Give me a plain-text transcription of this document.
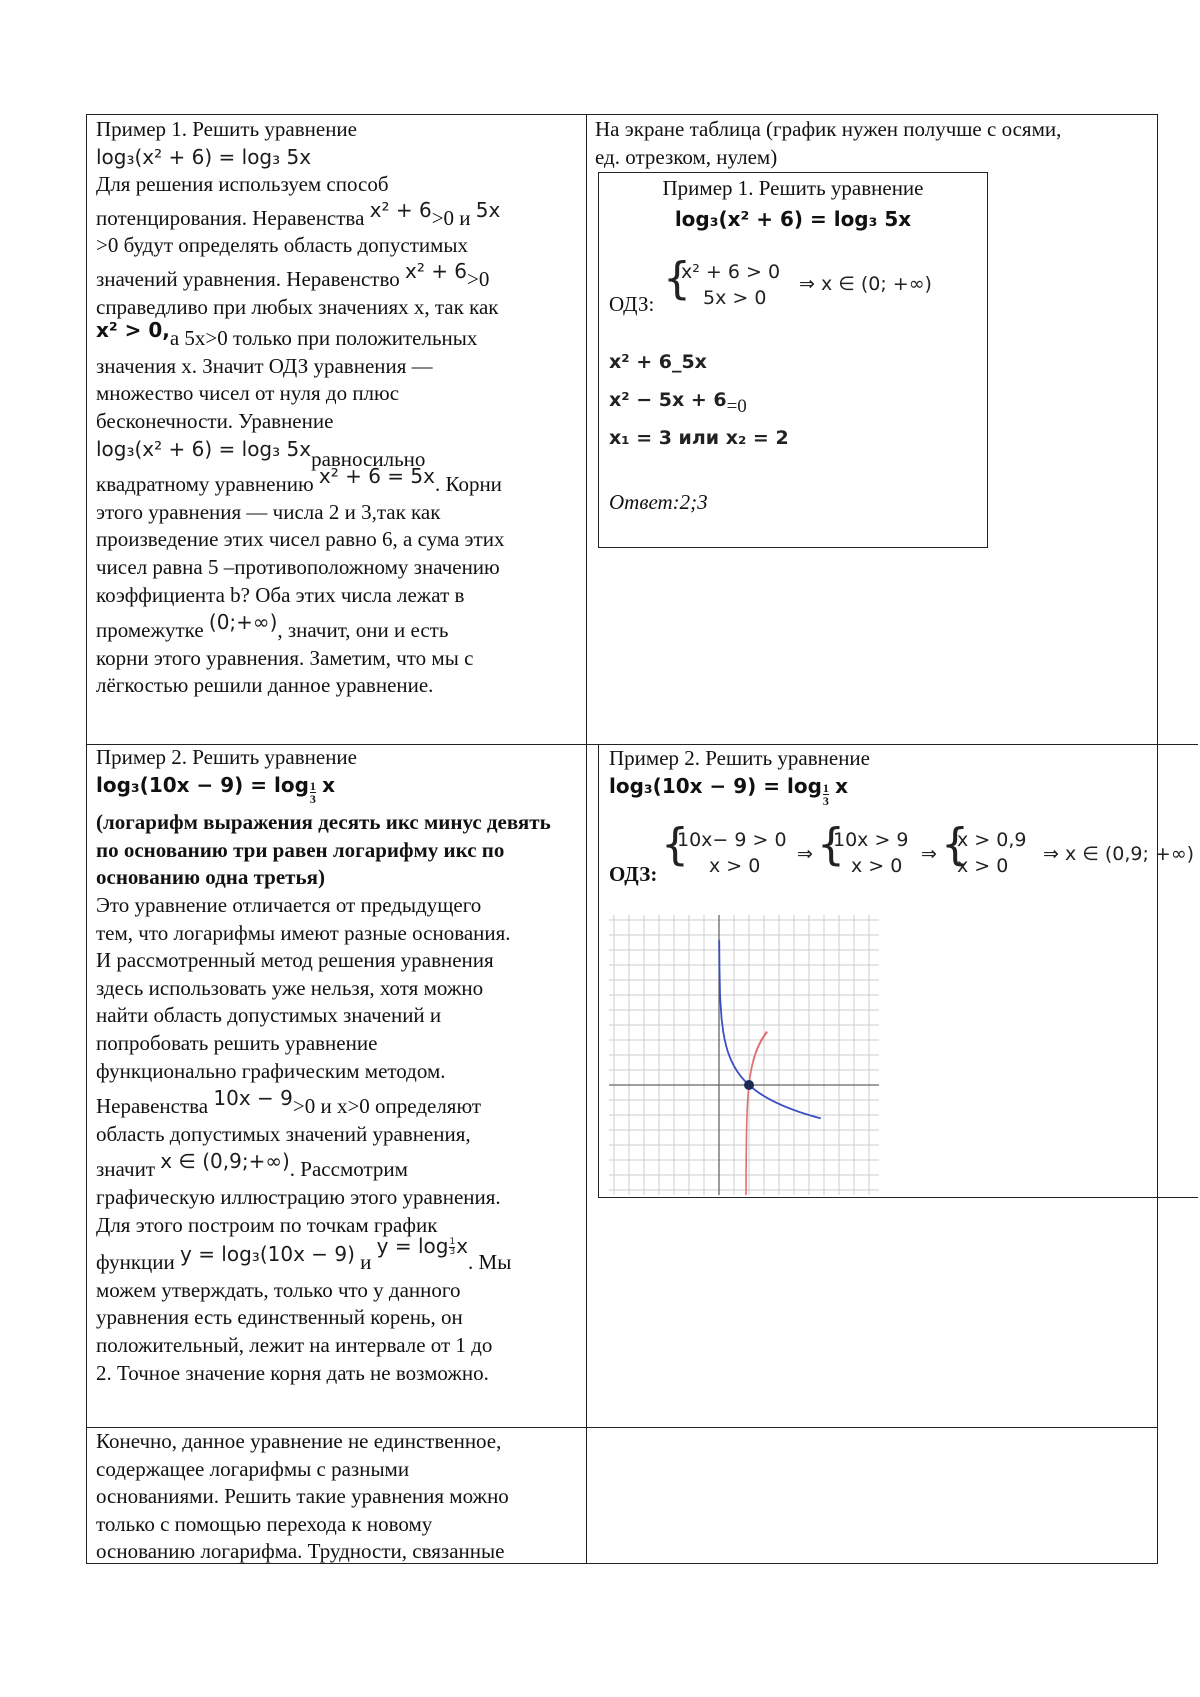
Пример 1. Решить уравнение

log₃(x² + 6) = log₃ 5x

Для решения используем способ

потенцирования. Неравенства x² + 6>0 и 5x

>0 будут определять область допустимых

значений уравнения. Неравенство x² + 6>0

справедливо при любых значениях х, так как

x² > 0,а 5х>0 только при положительных

значения х. Значит ОДЗ уравнения —

множество чисел от нуля до плюс

бесконечности. Уравнение

log₃(x² + 6) = log₃ 5xравносильно

квадратному уравнению x² + 6 = 5x. Корни

этого уравнения — числа 2 и 3,так как

произведение этих чисел равно 6, а сума этих

чисел равна 5 –противоположному значению

коэффициента b? Оба этих числа лежат в

промежутке (0;+∞), значит, они и есть

корни этого уравнения. Заметим, что мы с

лёгкостью решили данное уравнение.

Пример 2. Решить уравнение

$\log_3(10x - 9) = \log \frac{1}{3}$ x

(логарифм выражения десять икс минус девять по основанию три равен логарифму икс по основанию одна третья)

Это уравнение отличается от предыдущего

тем, что логарифмы имеют разные основания.

И рассмотренный метод решения уравнения

здесь использовать уже нельзя, хотя можно

найти область допустимых значений и

попробовать решить уравнение

функционально графическим методом.

Неравенства 10x − 9>0 и х>0 определяют

область допустимых значений уравнения,

значит x ∈ (0,9;+∞). Рассмотрим

графическую иллюстрацию этого уравнения.

Для этого построим по точкам график

функции y = log₃(10x − 9) и $y = \log \frac{1}{3} x$. Мы

можем утверждать, только что у данного

уравнения есть единственный корень, он

положительный, лежит на интервале от 1 до

2. Точное значение корня дать не возможно.

Конечно, данное уравнение не единственное,

содержащее логарифмы с разными

основаниями. Решить такие уравнения можно

только с помощью перехода к новому

основанию логарифма. Трудности, связанные

На экране таблица (график нужен получше с осями,

ед. отрезком, нулем)

Пример 1. Решить уравнение
log₃(x² + 6) = log₃ 5x
ОДЗ: {
x² + 6 > 0
5x > 0
⇒ x ∈ (0; +∞)
x² + 6_5x
x² − 5x + 6=0
x₁ = 3 или x₂ = 2
Ответ:2;3
Пример 2. Решить уравнение
$\log_3(10x - 9) = \log \frac{1}{3}$ x
ОДЗ:
{
10x− 9 > 0
x > 0
⇒ {
10x > 9
x > 0
⇒ {
x > 0,9
x > 0
⇒ x ∈ (0,9; +∞)
